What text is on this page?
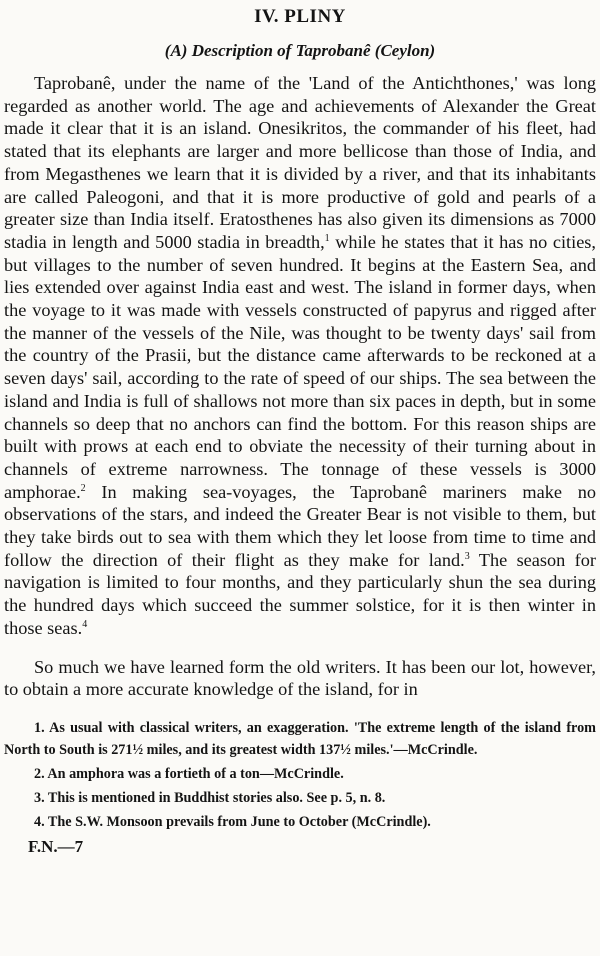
IV. PLINY
(A) Description of Taprobanê (Ceylon)

Taprobanê, under the name of the 'Land of the Antichthones,' was long regarded as another world. The age and achievements of Alexander the Great made it clear that it is an island. Onesikritos, the commander of his fleet, had stated that its elephants are larger and more bellicose than those of India, and from Megasthenes we learn that it is divided by a river, and that its inhabitants are called Paleogoni, and that it is more productive of gold and pearls of a greater size than India itself. Eratosthenes has also given its dimensions as 7000 stadia in length and 5000 stadia in breadth,$^1$ while he states that it has no cities, but villages to the number of seven hundred. It begins at the Eastern Sea, and lies extended over against India east and west. The island in former days, when the voyage to it was made with vessels constructed of papyrus and rigged after the manner of the vessels of the Nile, was thought to be twenty days' sail from the country of the Prasii, but the distance came afterwards to be reckoned at a seven days' sail, according to the rate of speed of our ships. The sea between the island and India is full of shallows not more than six paces in depth, but in some channels so deep that no anchors can find the bottom. For this reason ships are built with prows at each end to obviate the necessity of their turning about in channels of extreme narrowness. The tonnage of these vessels is 3000 amphorae.$^2$ In making sea-voyages, the Taprobanê mariners make no observations of the stars, and indeed the Greater Bear is not visible to them, but they take birds out to sea with them which they let loose from time to time and follow the direction of their flight as they make for land.$^3$ The season for navigation is limited to four months, and they particularly shun the sea during the hundred days which succeed the summer solstice, for it is then winter in those seas.$^4$

So much we have learned form the old writers. It has been our lot, however, to obtain a more accurate knowledge of the island, for in

1. As usual with classical writers, an exaggeration. 'The extreme length of the island from North to South is 271½ miles, and its greatest width 137½ miles.'—McCrindle.

2. An amphora was a fortieth of a ton—McCrindle.

3. This is mentioned in Buddhist stories also. See p. 5, n. 8.

4. The S.W. Monsoon prevails from June to October (McCrindle).

F.N.—7
